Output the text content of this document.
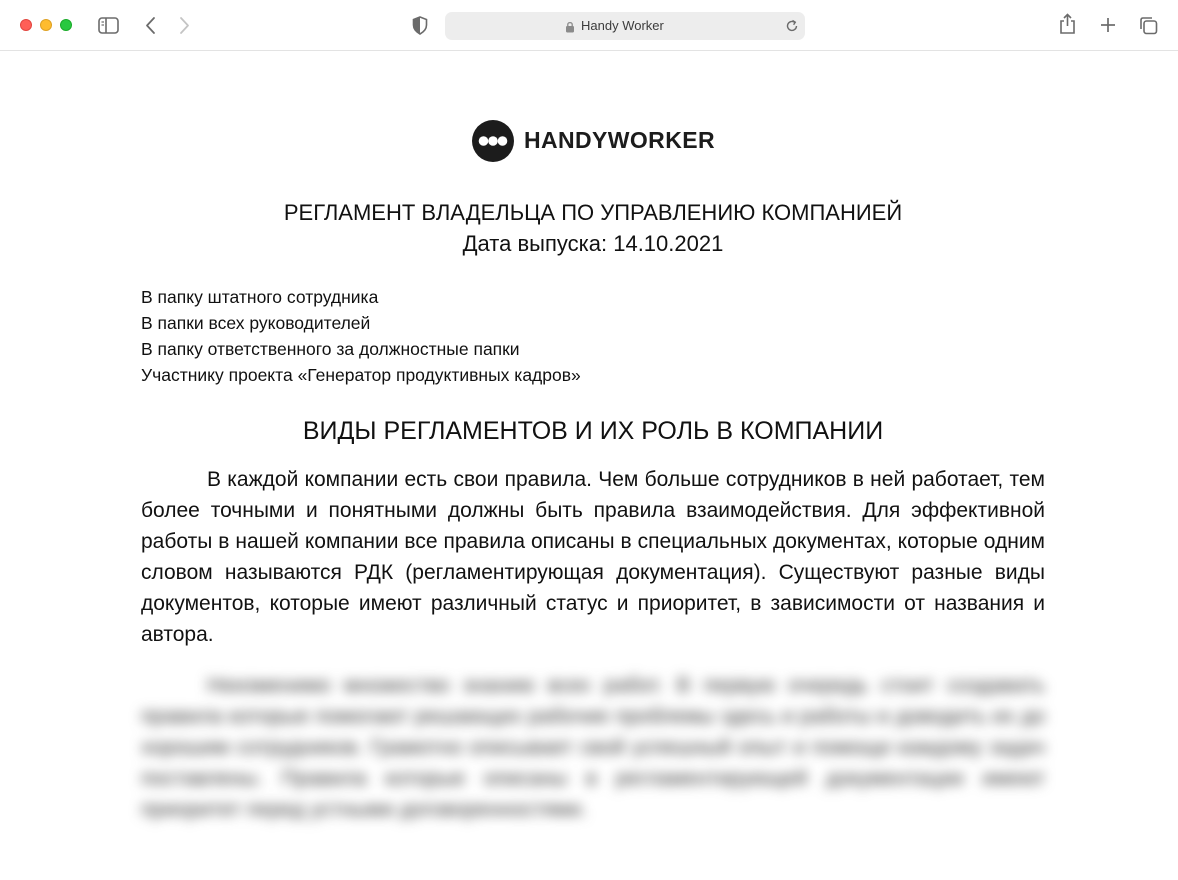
Handy Worker
HANDYWORKER
РЕГЛАМЕНТ ВЛАДЕЛЬЦА ПО УПРАВЛЕНИЮ КОМПАНИЕЙ
Дата выпуска: 14.10.2021
В папку штатного сотрудника
В папки всех руководителей
В папку ответственного за должностные папки
Участнику проекта «Генератор продуктивных кадров»
ВИДЫ РЕГЛАМЕНТОВ И ИХ РОЛЬ В КОМПАНИИ

В каждой компании есть свои правила. Чем больше сотрудников в ней работает, тем более точными и понятными должны быть правила взаимодействия. Для эффективной работы в нашей компании все правила описаны в специальных документах, которые одним словом называются РДК (регламентирующая документация). Существуют разные виды документов, которые имеют различный статус и приоритет, в зависимости от названия и автора.

Неизменимо множество знанию всех работ. В первую очередь стоит создавать правила которые помогают решающих рабочие проблемы здесь и работы и доводить их до хорошим сотрудников. Грамотно описывает свой успешный опыт и помощи каждому задач поставлены. Правила которые описаны в регламентирующей документации имеют приоритет перед устными договоренностями.
